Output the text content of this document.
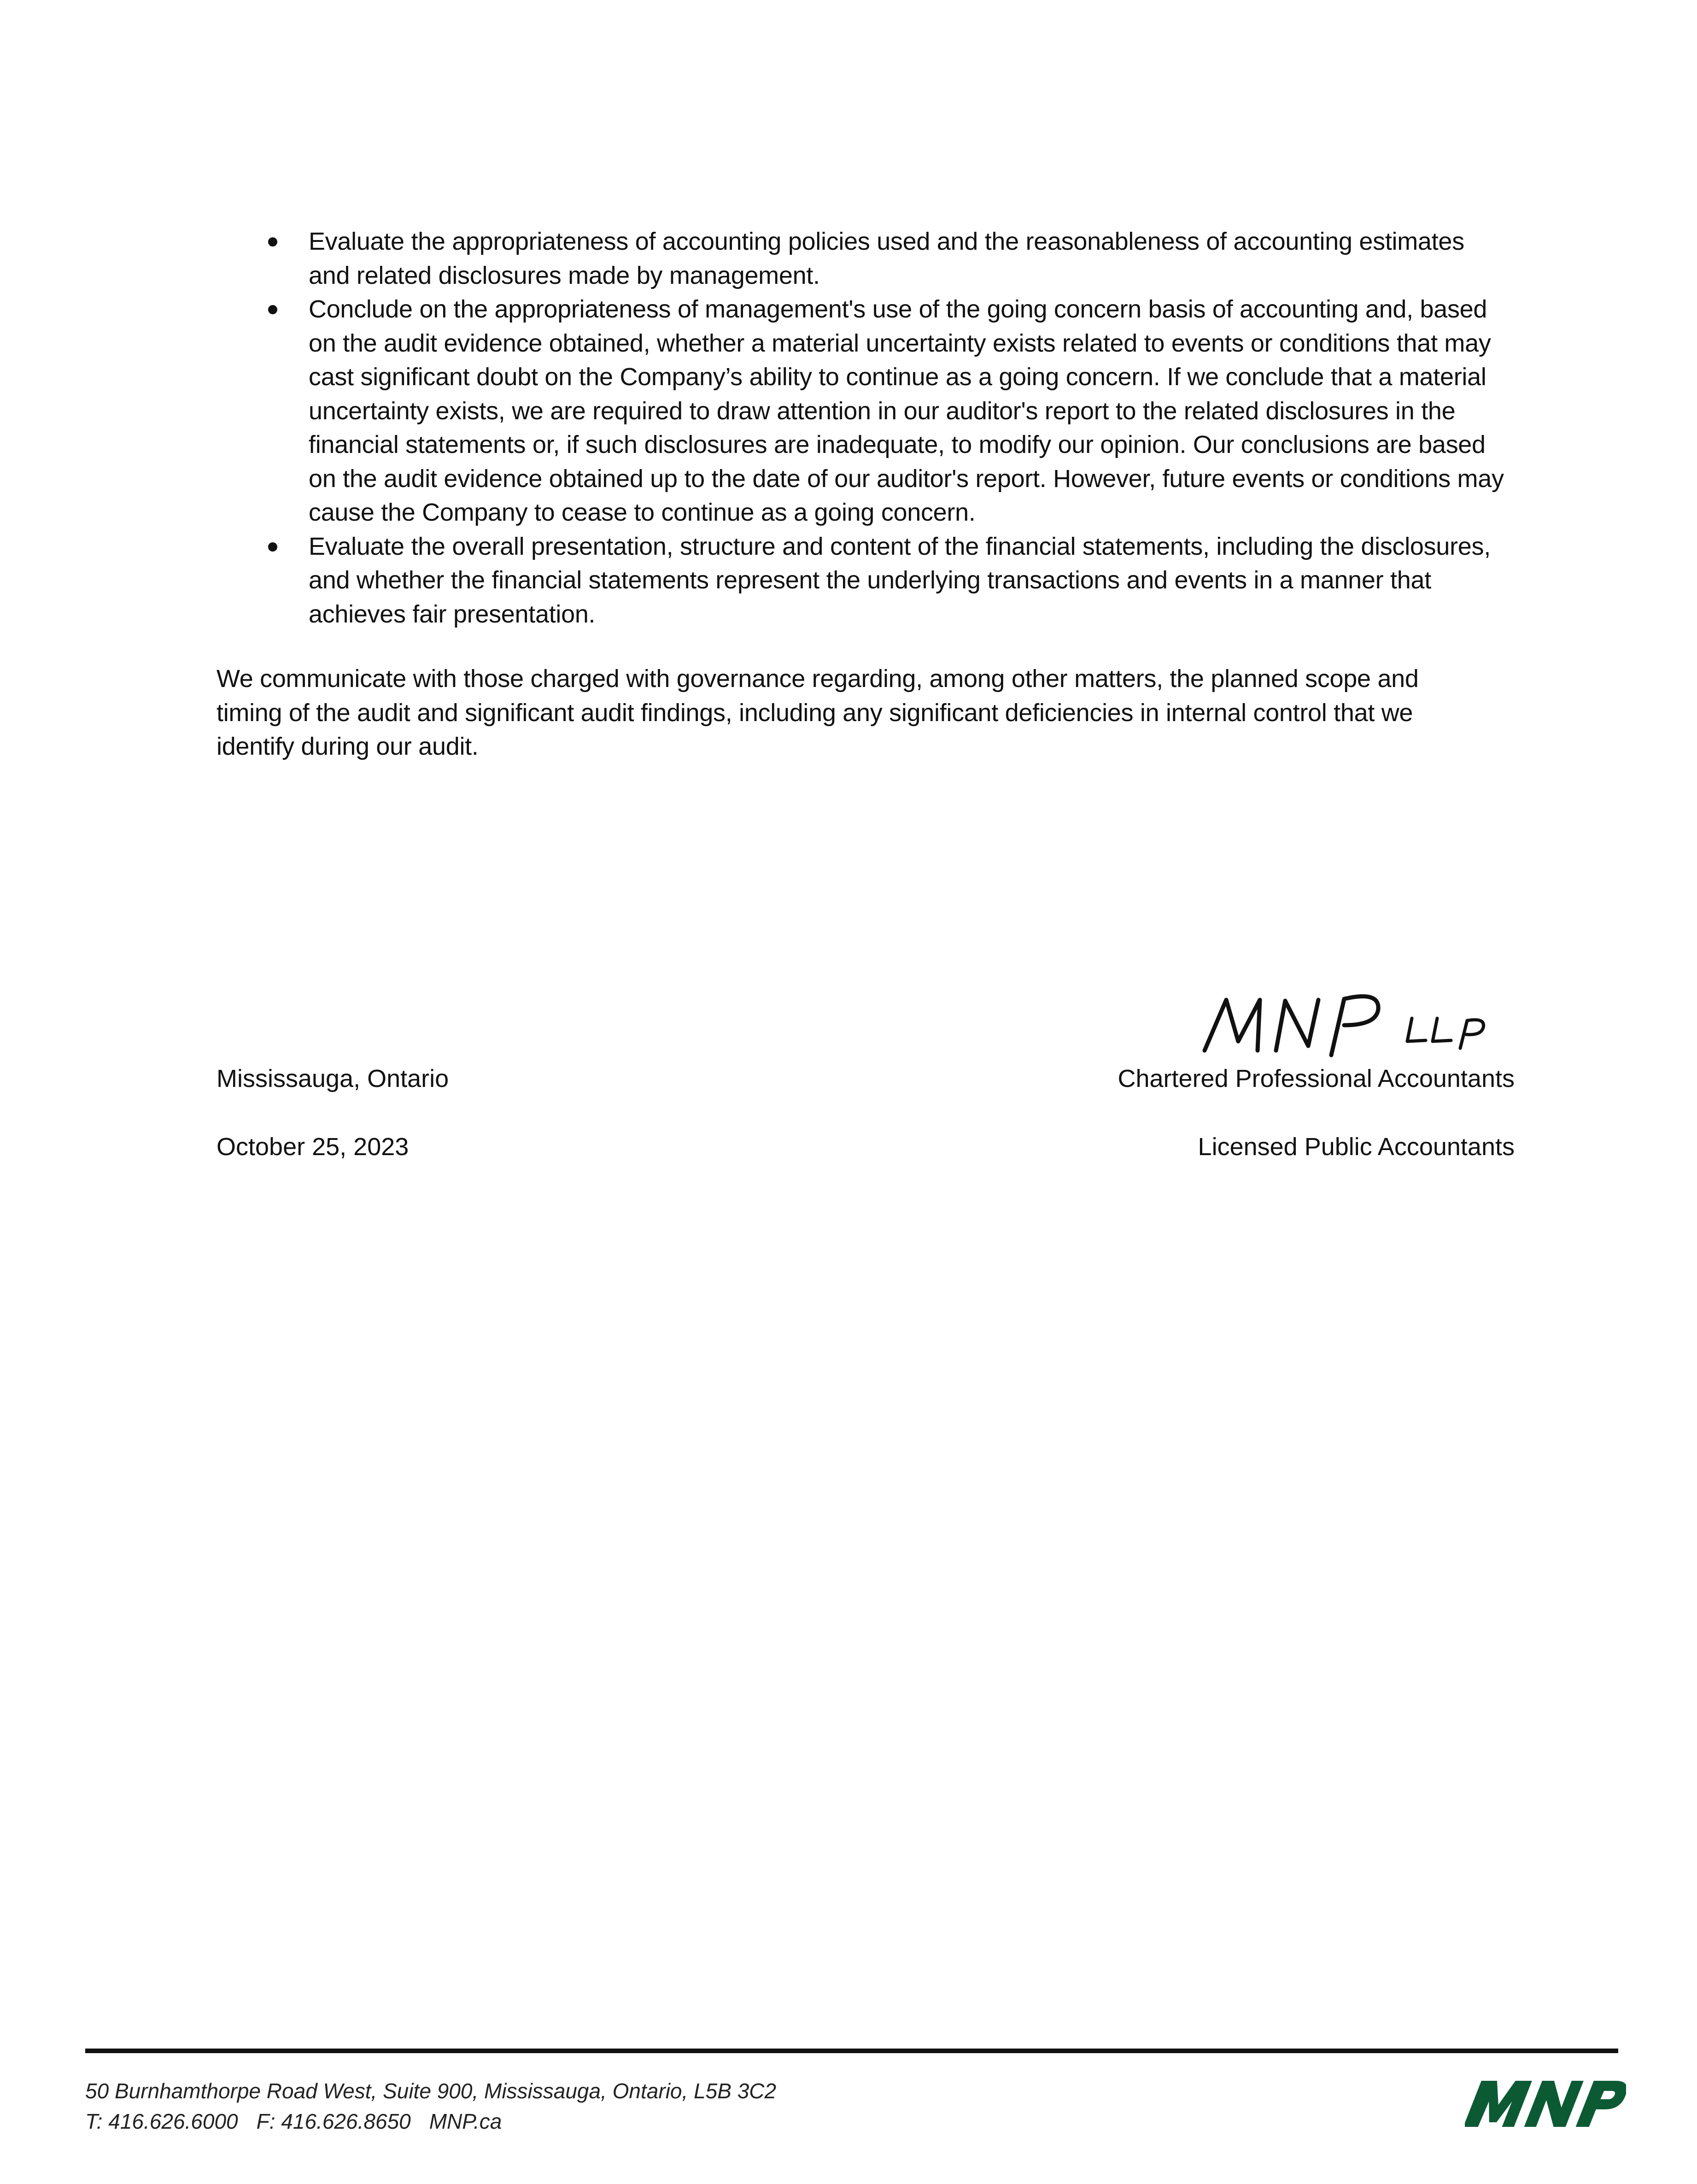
Evaluate the appropriateness of accounting policies used and the reasonableness of accounting estimates and related disclosures made by management.
Conclude on the appropriateness of management's use of the going concern basis of accounting and, based on the audit evidence obtained, whether a material uncertainty exists related to events or conditions that may cast significant doubt on the Company’s ability to continue as a going concern. If we conclude that a material uncertainty exists, we are required to draw attention in our auditor's report to the related disclosures in the financial statements or, if such disclosures are inadequate, to modify our opinion. Our conclusions are based on the audit evidence obtained up to the date of our auditor's report. However, future events or conditions may cause the Company to cease to continue as a going concern.
Evaluate the overall presentation, structure and content of the financial statements, including the disclosures, and whether the financial statements represent the underlying transactions and events in a manner that achieves fair presentation.

We communicate with those charged with governance regarding, among other matters, the planned scope and timing of the audit and significant audit findings, including any significant deficiencies in internal control that we identify during our audit.

Mississauga, Ontario
October 25, 2023
Chartered Professional Accountants
Licensed Public Accountants
50 Burnhamthorpe Road West, Suite 900, Mississauga, Ontario, L5B 3C2
T: 416.626.6000 F: 416.626.8650 MNP.ca
